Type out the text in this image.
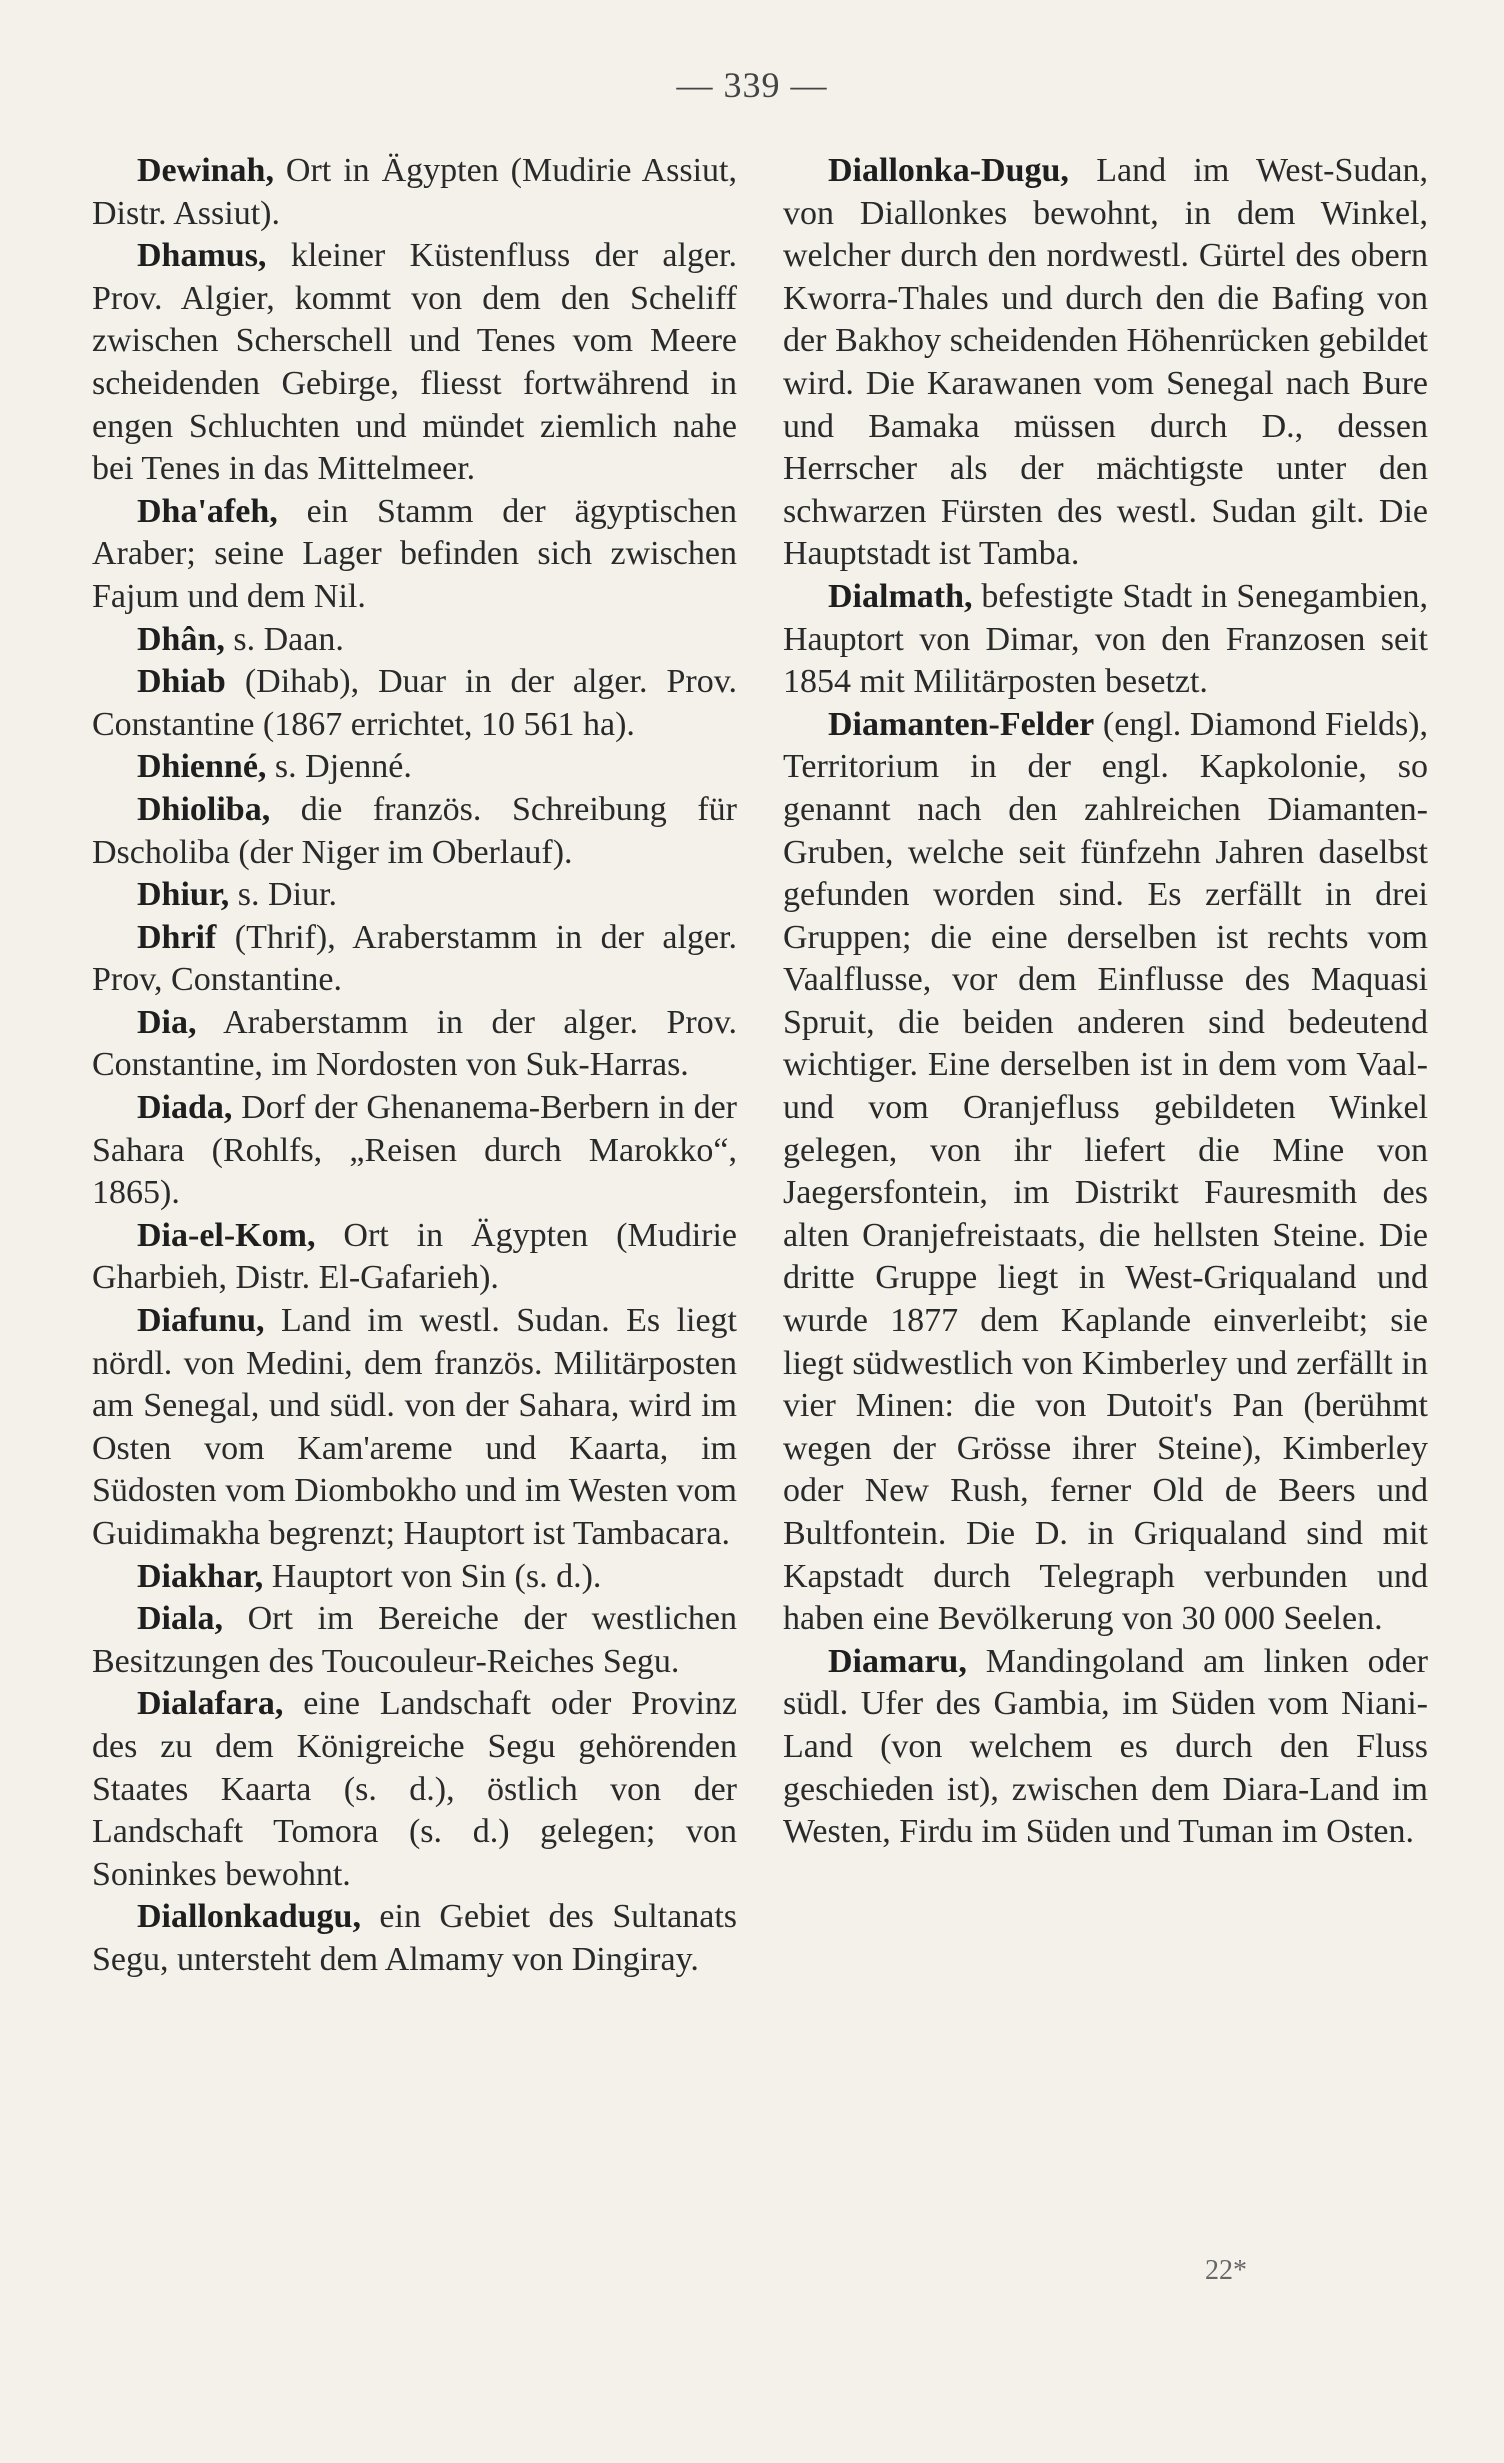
— 339 —

Dewinah, Ort in Ägypten (Mudirie Assiut, Distr. Assiut).

Dhamus, kleiner Küstenfluss der alger. Prov. Algier, kommt von dem den Scheliff zwischen Scherschell und Tenes vom Meere scheidenden Gebirge, fliesst fortwährend in engen Schluchten und mündet ziemlich nahe bei Tenes in das Mittelmeer.

Dha'afeh, ein Stamm der ägyptischen Araber; seine Lager befinden sich zwischen Fajum und dem Nil.

Dhân, s. Daan.

Dhiab (Dihab), Duar in der alger. Prov. Constantine (1867 errichtet, 10 561 ha).

Dhienné, s. Djenné.

Dhioliba, die französ. Schreibung für Dscholiba (der Niger im Oberlauf).

Dhiur, s. Diur.

Dhrif (Thrif), Araberstamm in der alger. Prov, Constantine.

Dia, Araberstamm in der alger. Prov. Constantine, im Nordosten von Suk-Harras.

Diada, Dorf der Ghenanema-Berbern in der Sahara (Rohlfs, „Reisen durch Marokko“, 1865).

Dia-el-Kom, Ort in Ägypten (Mudirie Gharbieh, Distr. El-Gafarieh).

Diafunu, Land im westl. Sudan. Es liegt nördl. von Medini, dem französ. Militärposten am Senegal, und südl. von der Sahara, wird im Osten vom Kam'areme und Kaarta, im Südosten vom Diombokho und im Westen vom Guidimakha begrenzt; Hauptort ist Tambacara.

Diakhar, Hauptort von Sin (s. d.).

Diala, Ort im Bereiche der westlichen Besitzungen des Toucouleur-Reiches Segu.

Dialafara, eine Landschaft oder Provinz des zu dem Königreiche Segu gehörenden Staates Kaarta (s. d.), östlich von der Landschaft Tomora (s. d.) gelegen; von Soninkes bewohnt.

Diallonkadugu, ein Gebiet des Sultanats Segu, untersteht dem Almamy von Dingiray.

Diallonka-Dugu, Land im West-Sudan, von Diallonkes bewohnt, in dem Winkel, welcher durch den nordwestl. Gürtel des obern Kworra-Thales und durch den die Bafing von der Bakhoy scheidenden Höhenrücken gebildet wird. Die Karawanen vom Senegal nach Bure und Bamaka müssen durch D., dessen Herrscher als der mächtigste unter den schwarzen Fürsten des westl. Sudan gilt. Die Hauptstadt ist Tamba.

Dialmath, befestigte Stadt in Senegambien, Hauptort von Dimar, von den Franzosen seit 1854 mit Militärposten besetzt.

Diamanten-Felder (engl. Diamond Fields), Territorium in der engl. Kapkolonie, so genannt nach den zahlreichen Diamanten-Gruben, welche seit fünfzehn Jahren daselbst gefunden worden sind. Es zerfällt in drei Gruppen; die eine derselben ist rechts vom Vaalflusse, vor dem Einflusse des Maquasi Spruit, die beiden anderen sind bedeutend wichtiger. Eine derselben ist in dem vom Vaal- und vom Oranjefluss gebildeten Winkel gelegen, von ihr liefert die Mine von Jaegersfontein, im Distrikt Fauresmith des alten Oranjefreistaats, die hellsten Steine. Die dritte Gruppe liegt in West-Griqualand und wurde 1877 dem Kaplande einverleibt; sie liegt südwestlich von Kimberley und zerfällt in vier Minen: die von Dutoit's Pan (berühmt wegen der Grösse ihrer Steine), Kimberley oder New Rush, ferner Old de Beers und Bultfontein. Die D. in Griqualand sind mit Kapstadt durch Telegraph verbunden und haben eine Bevölkerung von 30 000 Seelen.

Diamaru, Mandingoland am linken oder südl. Ufer des Gambia, im Süden vom Niani-Land (von welchem es durch den Fluss geschieden ist), zwischen dem Diara-Land im Westen, Firdu im Süden und Tuman im Osten.

22*
